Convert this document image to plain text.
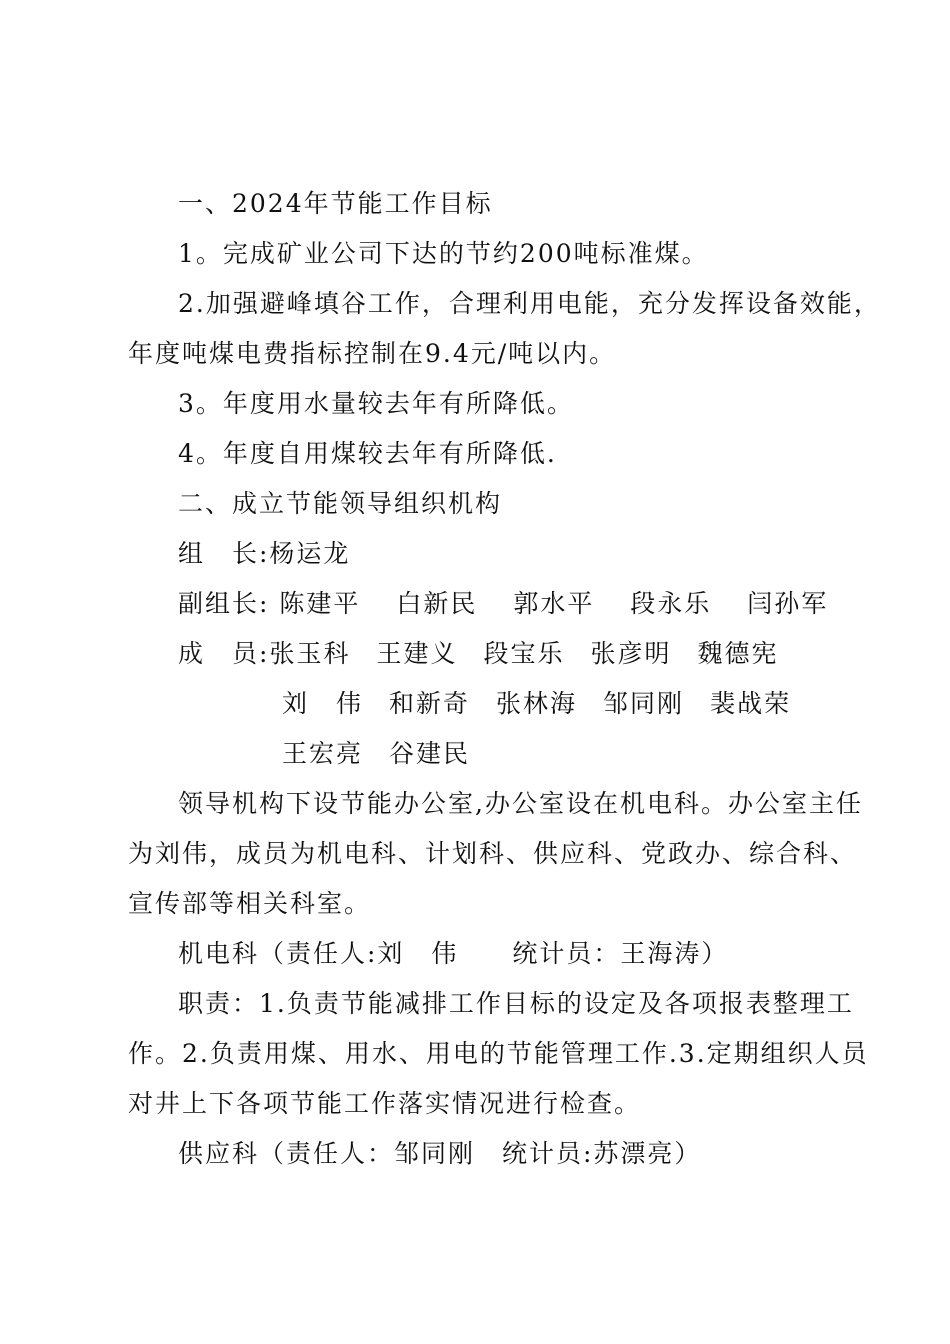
一、2024年节能工作目标
1。完成矿业公司下达的节约200吨标准煤。
2.加强避峰填谷工作，合理利用电能，充分发挥设备效能，
年度吨煤电费指标控制在9.4元/吨以内。
3。年度用水量较去年有所降低。
4。年度自用煤较去年有所降低.
二、成立节能领导组织机构
组　长:杨运龙
副组长: 陈建平 白新民 郭水平 段永乐 闫孙军
成　员:张玉科 王建义 段宝乐 张彦明 魏德宪
刘　伟 和新奇 张林海 邹同刚 裴战荣
王宏亮 谷建民
领导机构下设节能办公室,办公室设在机电科。办公室主任
为刘伟，成员为机电科、计划科、供应科、党政办、综合科、
宣传部等相关科室。
机电科（责任人:刘　伟　　统计员：王海涛）
职责：1.负责节能减排工作目标的设定及各项报表整理工
作。2.负责用煤、用水、用电的节能管理工作.3.定期组织人员
对井上下各项节能工作落实情况进行检查。
供应科（责任人：邹同刚　统计员:苏漂亮）
